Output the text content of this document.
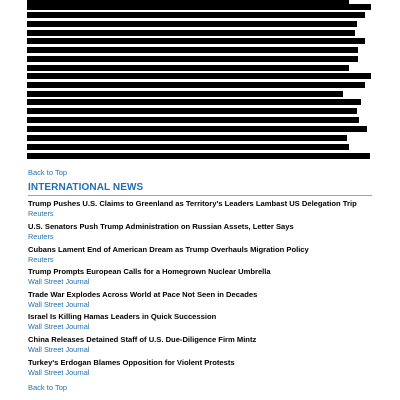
Back to Top
INTERNATIONAL NEWS
Trump Pushes U.S. Claims to Greenland as Territory's Leaders Lambast US Delegation Trip
Reuters
U.S. Senators Push Trump Administration on Russian Assets, Letter Says
Reuters
Cubans Lament End of American Dream as Trump Overhauls Migration Policy
Reuters
Trump Prompts European Calls for a Homegrown Nuclear Umbrella
Wall Street Journal
Trade War Explodes Across World at Pace Not Seen in Decades
Wall Street Journal
Israel Is Killing Hamas Leaders in Quick Succession
Wall Street Journal
China Releases Detained Staff of U.S. Due-Diligence Firm Mintz
Wall Street Journal
Turkey's Erdogan Blames Opposition for Violent Protests
Wall Street Journal
Back to Top
